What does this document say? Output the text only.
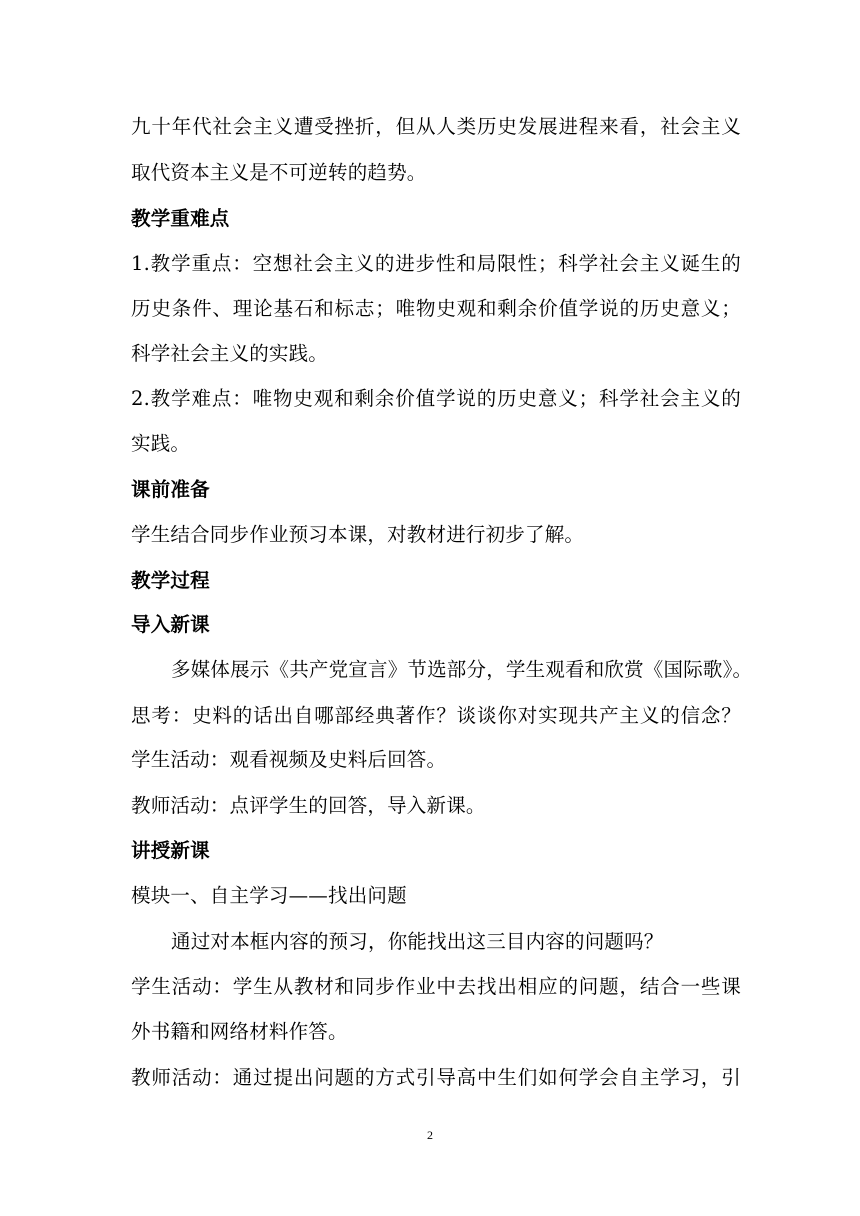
九十年代社会主义遭受挫折，但从人类历史发展进程来看，社会主义
取代资本主义是不可逆转的趋势。
教学重难点
1.教学重点：空想社会主义的进步性和局限性；科学社会主义诞生的
历史条件、理论基石和标志；唯物史观和剩余价值学说的历史意义；
科学社会主义的实践。
2.教学难点：唯物史观和剩余价值学说的历史意义；科学社会主义的
实践。
课前准备
学生结合同步作业预习本课，对教材进行初步了解。
教学过程
导入新课
多媒体展示《共产党宣言》节选部分，学生观看和欣赏《国际歌》。
思考：史料的话出自哪部经典著作？谈谈你对实现共产主义的信念？
学生活动：观看视频及史料后回答。
教师活动：点评学生的回答，导入新课。
讲授新课
模块一、自主学习——找出问题
通过对本框内容的预习，你能找出这三目内容的问题吗？
学生活动：学生从教材和同步作业中去找出相应的问题，结合一些课
外书籍和网络材料作答。
教师活动：通过提出问题的方式引导高中生们如何学会自主学习，引
2
